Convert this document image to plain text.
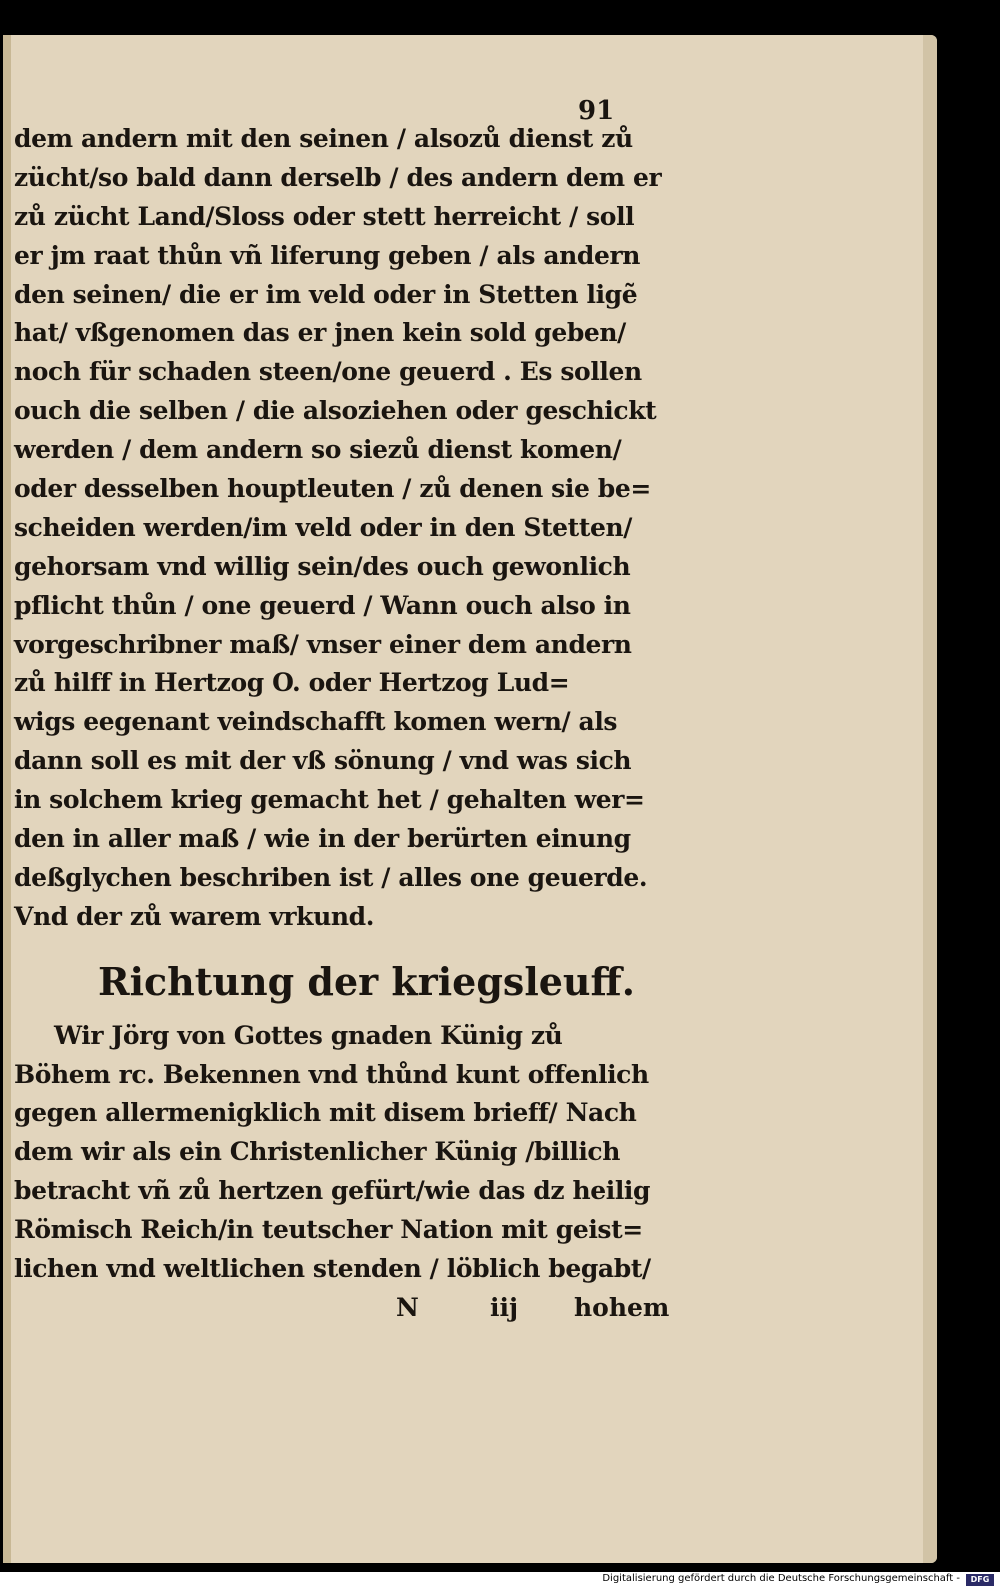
91
dem andern mit den seinen / alsozů dienst zů
zücht/so bald dann derselb / des andern dem er
zů zücht Land/Sloss oder stett herreicht / soll
er jm raat thůn vñ liferung geben / als andern
den seinen/ die er im veld oder in Stetten ligẽ
hat/ vßgenomen das er jnen kein sold geben/
noch für schaden steen/one geuerd . Es sollen
ouch die selben / die alsoziehen oder geschickt
werden / dem andern so siezů dienst komen/
oder desselben houptleuten / zů denen sie be=
scheiden werden/im veld oder in den Stetten/
gehorsam vnd willig sein/des ouch gewonlich
pflicht thůn / one geuerd / Wann ouch also in
vorgeschribner maß/ vnser einer dem andern
zů hilff in Hertzog O. oder Hertzog Lud=
wigs eegenant veindschafft komen wern/ als
dann soll es mit der vß sönung / vnd was sich
in solchem krieg gemacht het / gehalten wer=
den in aller maß / wie in der berürten einung
deßglychen beschriben ist / alles one geuerde.
Vnd der zů warem vrkund.
Richtung der kriegsleuff.
Wir Jörg von Gottes gnaden Künig zů
Böhem rc. Bekennen vnd thůnd kunt offenlich
gegen allermenigklich mit disem brieff/ Nach
dem wir als ein Christenlicher Künig /billich
betracht vñ zů hertzen gefürt/wie das dz heilig
Römisch Reich/in teutscher Nation mit geist=
lichen vnd weltlichen stenden / löblich begabt/
N	iij hohem
Digitalisierung gefördert durch die Deutsche Forschungsgemeinschaft -	DFG
